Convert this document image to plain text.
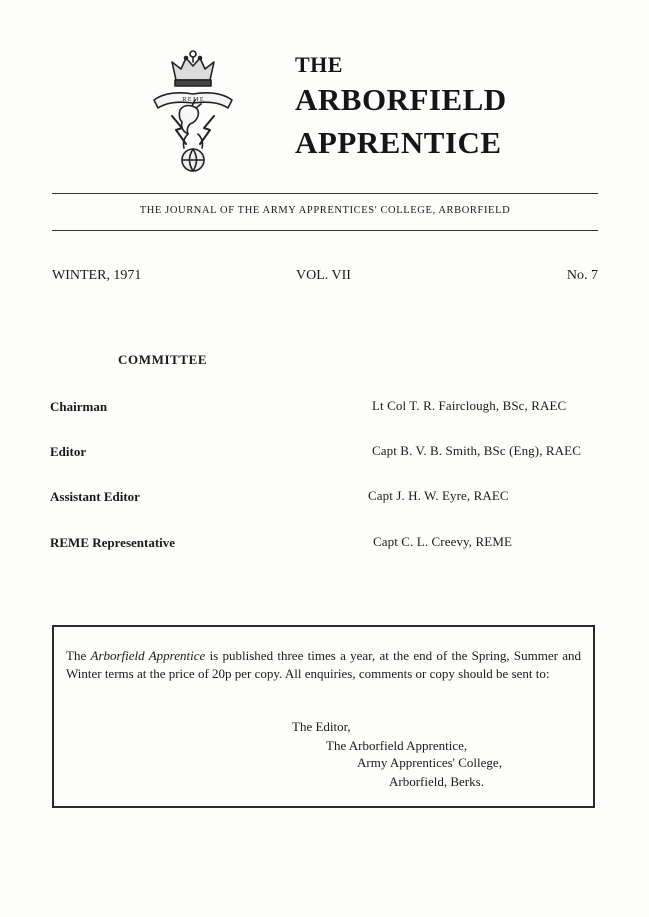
R E M E
THE
ARBORFIELD
APPRENTICE
THE JOURNAL OF THE ARMY APPRENTICES' COLLEGE, ARBORFIELD
WINTER, 1971	VOL. VII	No. 7
COMMITTEE
Chairman	Lt Col T. R. Fairclough, BSc, RAEC
Editor	Capt B. V. B. Smith, BSc (Eng), RAEC
Assistant Editor	Capt J. H. W. Eyre, RAEC
REME Representative	Capt C. L. Creevy, REME

The Arborfield Apprentice is published three times a year, at the end of the Spring, Summer and Winter terms at the price of 20p per copy. All enquiries, comments or copy should be sent to:

The Editor,
The Arborfield Apprentice,
Army Apprentices' College,
Arborfield, Berks.
